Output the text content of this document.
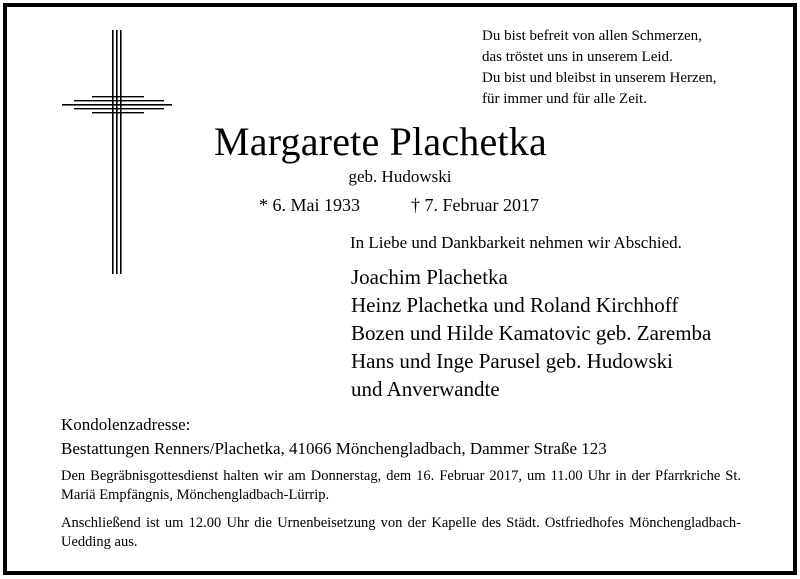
Du bist befreit von allen Schmerzen,
das tröstet uns in unserem Leid.
Du bist und bleibst in unserem Herzen,
für immer und für alle Zeit.
Margarete Plachetka
geb. Hudowski
* 6. Mai 1933	† 7. Februar 2017
In Liebe und Dankbarkeit nehmen wir Abschied.
Joachim Plachetka
Heinz Plachetka und Roland Kirchhoff
Bozen und Hilde Kamatovic geb. Zaremba
Hans und Inge Parusel geb. Hudowski
und Anverwandte
Kondolenzadresse:
Bestattungen Renners/Plachetka, 41066 Mönchengladbach, Dammer Straße 123
Den Begräbnisgottesdienst halten wir am Donnerstag, dem 16. Februar 2017, um 11.00 Uhr in der Pfarrkriche St. Mariä Empfängnis, Mönchengladbach-Lürrip.
Anschließend ist um 12.00 Uhr die Urnenbeisetzung von der Kapelle des Städt. Ostfriedhofes Mönchengladbach-Uedding aus.
